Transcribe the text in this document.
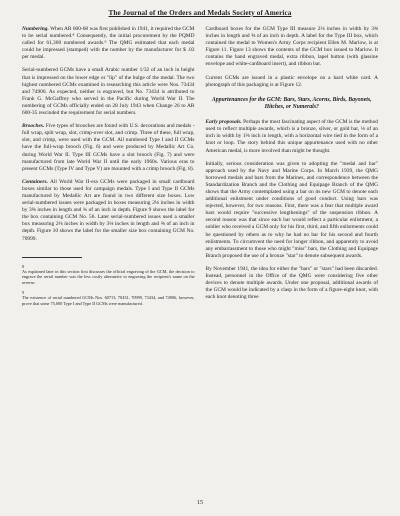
The Journal of the Orders and Medals Society of America

Numbering. When AR 600-68 was first published in 1941, it required the GCM to be serial numbered.⁸ Consequently, the initial procurement by the PQMD called for 61,300 numbered awards.⁹ The QMG estimated that each medal could be impressed (stamped) with the number by the manufacturer for $ .03 per medal.

Serial-numbered GCMs have a small Arabic number 1/32 of an inch in height that is impressed on the lower edge or "lip" of the bulge of the medal. The two highest numbered GCMs examined in researching this article were Nos. 73434 and 74906. As expected, neither is engraved, but No. 73434 is attributed to Frank G. McGaffrey who served in the Pacific during World War II. The numbering of GCMs officially ended on 28 July 1943 when Change 26 to AR 600-35 rescinded the requirement for serial numbers.

Brooches. Five types of brooches are found with U.S. decorations and medals - full wrap, split wrap, slot, crimp-over slot, and crimp. Three of these, full wrap, slot, and crimp, were used with the GCM. All numbered Type I and II GCMs have the full-wrap brooch (Fig. 6) and were produced by Medallic Art Co. during World War II. Type III GCMs have a slot brooch (Fig. 7) and were manufactured from late World War II until the early 1960s. Various eras to present GCMs (Type IV and Type V) are mounted with a crimp brooch (Fig. 8).

Containers. All World War II-era GCMs were packaged in small cardboard boxes similar to those used for campaign medals. Type I and Type II GCMs manufactured by Medallic Art are found in two different size boxes. Low serial-numbered issues were packaged in boxes measuring 2⅛ inches in width by 3⅝ inches in length and ¾ of an inch in depth. Figure 9 shows the label for the box containing GCM No. 56. Later serial-numbered issues used a smaller box measuring 2⅛ inches in width by 3⅛ inches in length and ⅝ of an inch in depth. Figure 10 shows the label for the smaller size box containing GCM No. 70999.

8
As explained later in this section first discusses the official engraving of the GCM, the decision to engrave the serial number was the less costly alternative to engraving the recipient's name on the reverse.
9
The existence of serial numbered GCMs Nos. 60713, 70431, 70999, 73434, and 74906, however, prove that some 75,000 Type I and Type II GCMs were manufactured.

Cardboard boxes for the GCM Type III measure 2⅛ inches in width by 3⅝ inches in length and ⅝ of an inch in depth. A label for the Type III box, which contained the medal to Women's Army Corps recipient Ellen M. Marlow, is at Figure 11. Figure 13 shows the contents of the GCM box issued to Marlow. It contains the hand engraved medal, extra ribbon, lapel button (with glassine envelope and white-cardboard insert), and ribbon bar.

Current GCMs are issued in a plastic envelope on a hard white card. A photograph of this packaging is at Figure 12.

Appurtenances for the GCM: Bars, Stars, Acorns, Birds, Bayonets, Hitches, or Numerals?

Early proposals. Perhaps the most fascinating aspect of the GCM is the method used to reflect multiple awards, which is a bronze, silver, or gold bar, ⅛ of an inch in width by 1⅜ inch in length, with a horizontal wire tied in the form of a knot or loop. The story behind this unique appurtenance used with no other American medal, is more involved than might be thought.

Initially, serious consideration was given to adopting the "medal and bar" approach used by the Navy and Marine Corps. In March 1939, the QMG borrowed medals and bars from the Marines, and correspondence between the Standardization Branch and the Clothing and Equipage Branch of the QMG shows that the Army contemplated using a bar on its new GCM to denote each additional enlistment under conditions of good conduct. Using bars was rejected, however, for two reasons. First, there was a fear that multiple award bars would require "successive lengthenings" of the suspension ribbon. A second reason was that since each bar would reflect a particular enlistment, a soldier who received a GCM only for his first, third, and fifth enlistments could be questioned by others as to why he had no bar for his second and fourth enlistments. To circumvent the need for longer ribbon, and apparently to avoid any embarrassment to those who might "miss" bars, the Clothing and Equipage Branch proposed the use of a bronze "star" to denote subsequent awards.

By November 1941, the idea for either the "bars" or "stars" had been discarded. Instead, personnel in the Office of the QMG were considering five other devices to denote multiple awards. Under one proposal, additional awards of the GCM would be indicated by a clasp in the form of a figure-eight knot, with each knot denoting three

15
